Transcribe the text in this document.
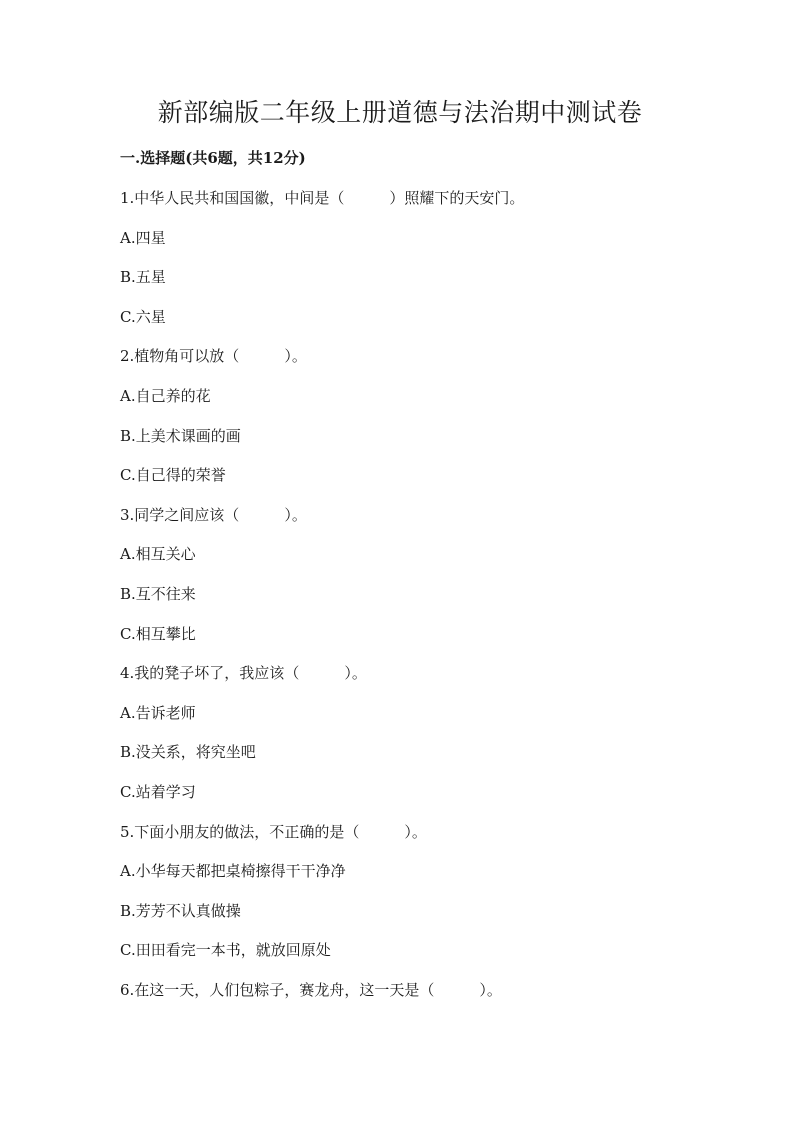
新部编版二年级上册道德与法治期中测试卷
一.选择题(共6题，共12分)
1.中华人民共和国国徽，中间是（　　　）照耀下的天安门。
A.四星
B.五星
C.六星
2.植物角可以放（　　　）。
A.自己养的花
B.上美术课画的画
C.自己得的荣誉
3.同学之间应该（　　　）。
A.相互关心
B.互不往来
C.相互攀比
4.我的凳子坏了，我应该（　　　）。
A.告诉老师
B.没关系，将究坐吧
C.站着学习
5.下面小朋友的做法，不正确的是（　　　）。
A.小华每天都把桌椅擦得干干净净
B.芳芳不认真做操
C.田田看完一本书，就放回原处
6.在这一天，人们包粽子，赛龙舟，这一天是（　　　）。
